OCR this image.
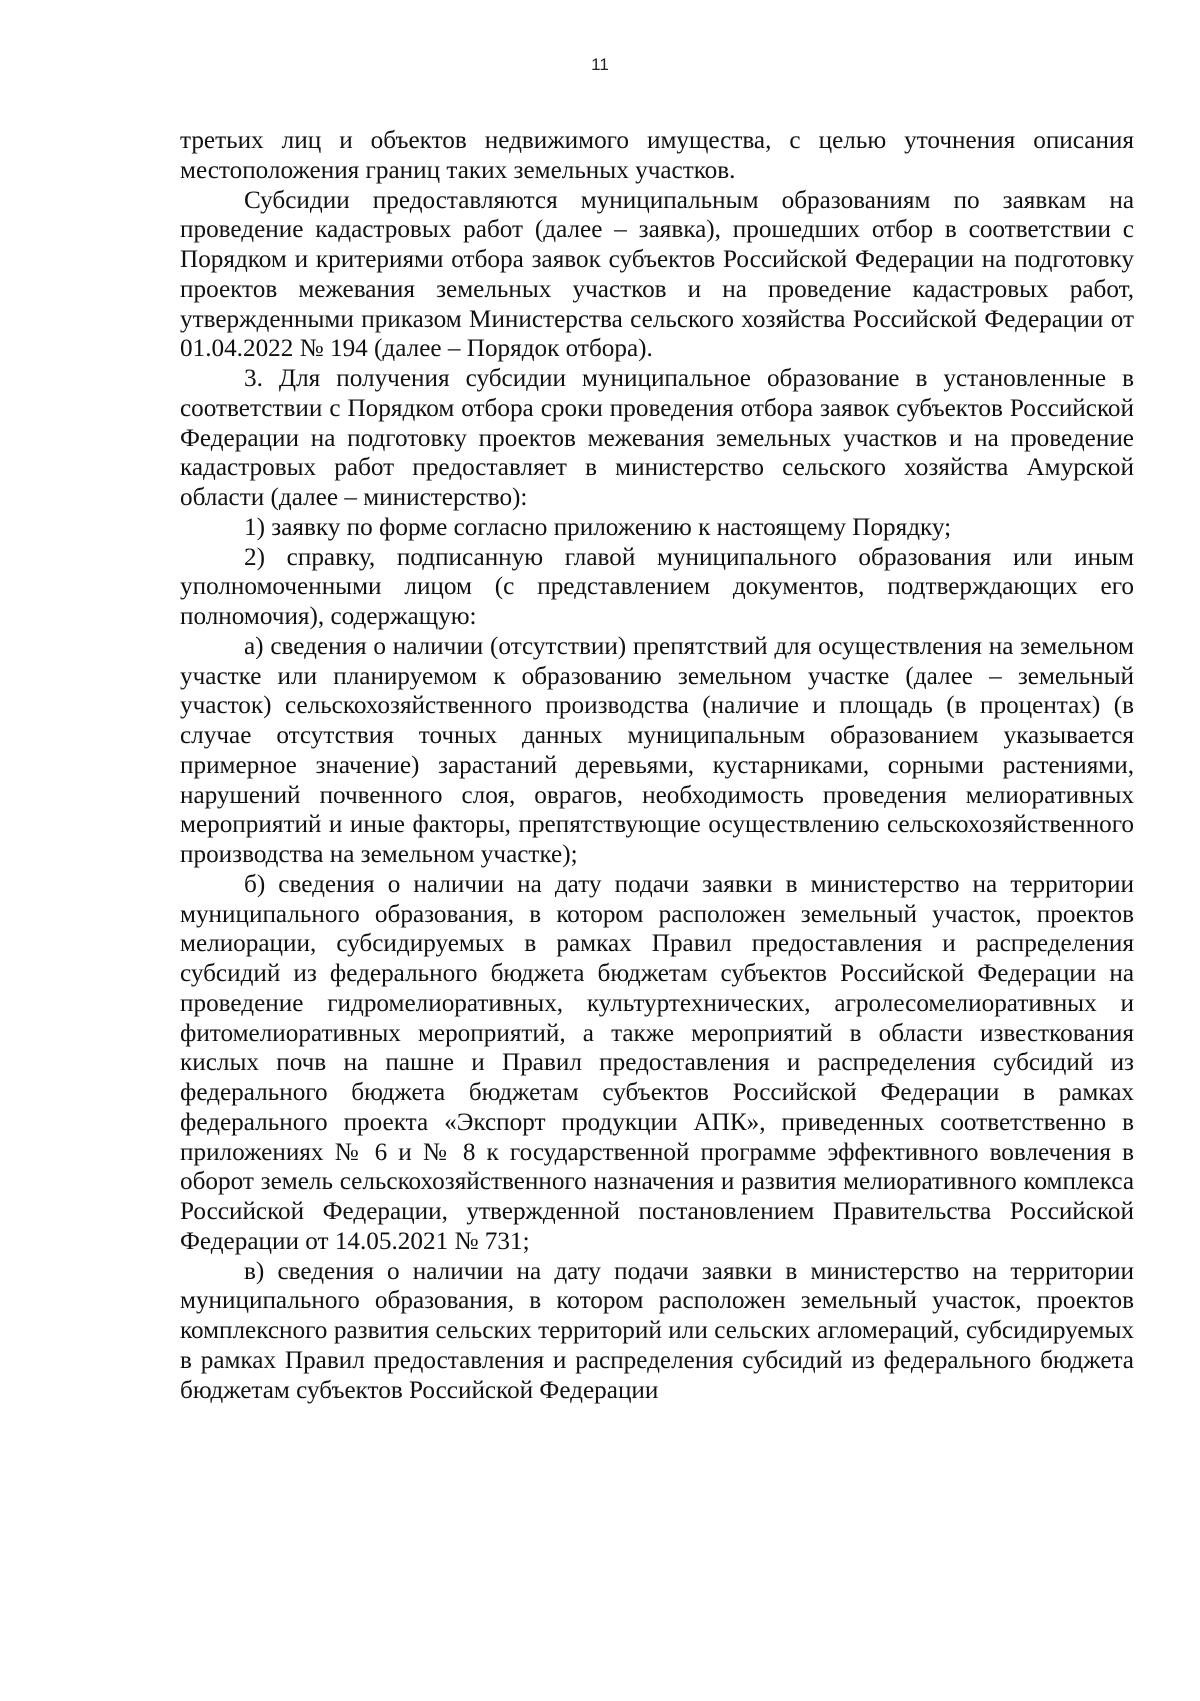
11

третьих лиц и объектов недвижимого имущества, с целью уточнения описания местоположения границ таких земельных участков.

Субсидии предоставляются муниципальным образованиям по заявкам на проведение кадастровых работ (далее – заявка), прошедших отбор в соответствии с Порядком и критериями отбора заявок субъектов Российской Федерации на подготовку проектов межевания земельных участков и на проведение кадастровых работ, утвержденными приказом Министерства сельского хозяйства Российской Федерации от 01.04.2022 № 194 (далее – Порядок отбора).

3. Для получения субсидии муниципальное образование в установленные в соответствии с Порядком отбора сроки проведения отбора заявок субъектов Российской Федерации на подготовку проектов межевания земельных участков и на проведение кадастровых работ предоставляет в министерство сельского хозяйства Амурской области (далее – министерство):

1) заявку по форме согласно приложению к настоящему Порядку;

2) справку, подписанную главой муниципального образования или иным уполномоченными лицом (с представлением документов, подтверждающих его полномочия), содержащую:

а) сведения о наличии (отсутствии) препятствий для осуществления на земельном участке или планируемом к образованию земельном участке (далее – земельный участок) сельскохозяйственного производства (наличие и площадь (в процентах) (в случае отсутствия точных данных муниципальным образованием указывается примерное значение) зарастаний деревьями, кустарниками, сорными растениями, нарушений почвенного слоя, оврагов, необходимость проведения мелиоративных мероприятий и иные факторы, препятствующие осуществлению сельскохозяйственного производства на земельном участке);

б) сведения о наличии на дату подачи заявки в министерство на территории муниципального образования, в котором расположен земельный участок, проектов мелиорации, субсидируемых в рамках Правил предоставления и распределения субсидий из федерального бюджета бюджетам субъектов Российской Федерации на проведение гидромелиоративных, культуртехнических, агролесомелиоративных и фитомелиоративных мероприятий, а также мероприятий в области известкования кислых почв на пашне и Правил предоставления и распределения субсидий из федерального бюджета бюджетам субъектов Российской Федерации в рамках федерального проекта «Экспорт продукции АПК», приведенных соответственно в приложениях № 6 и № 8 к государственной программе эффективного вовлечения в оборот земель сельскохозяйственного назначения и развития мелиоративного комплекса Российской Федерации, утвержденной постановлением Правительства Российской Федерации от 14.05.2021 № 731;

в) сведения о наличии на дату подачи заявки в министерство на территории муниципального образования, в котором расположен земельный участок, проектов комплексного развития сельских территорий или сельских агломераций, субсидируемых в рамках Правил предоставления и распределения субсидий из федерального бюджета бюджетам субъектов Российской Федерации
